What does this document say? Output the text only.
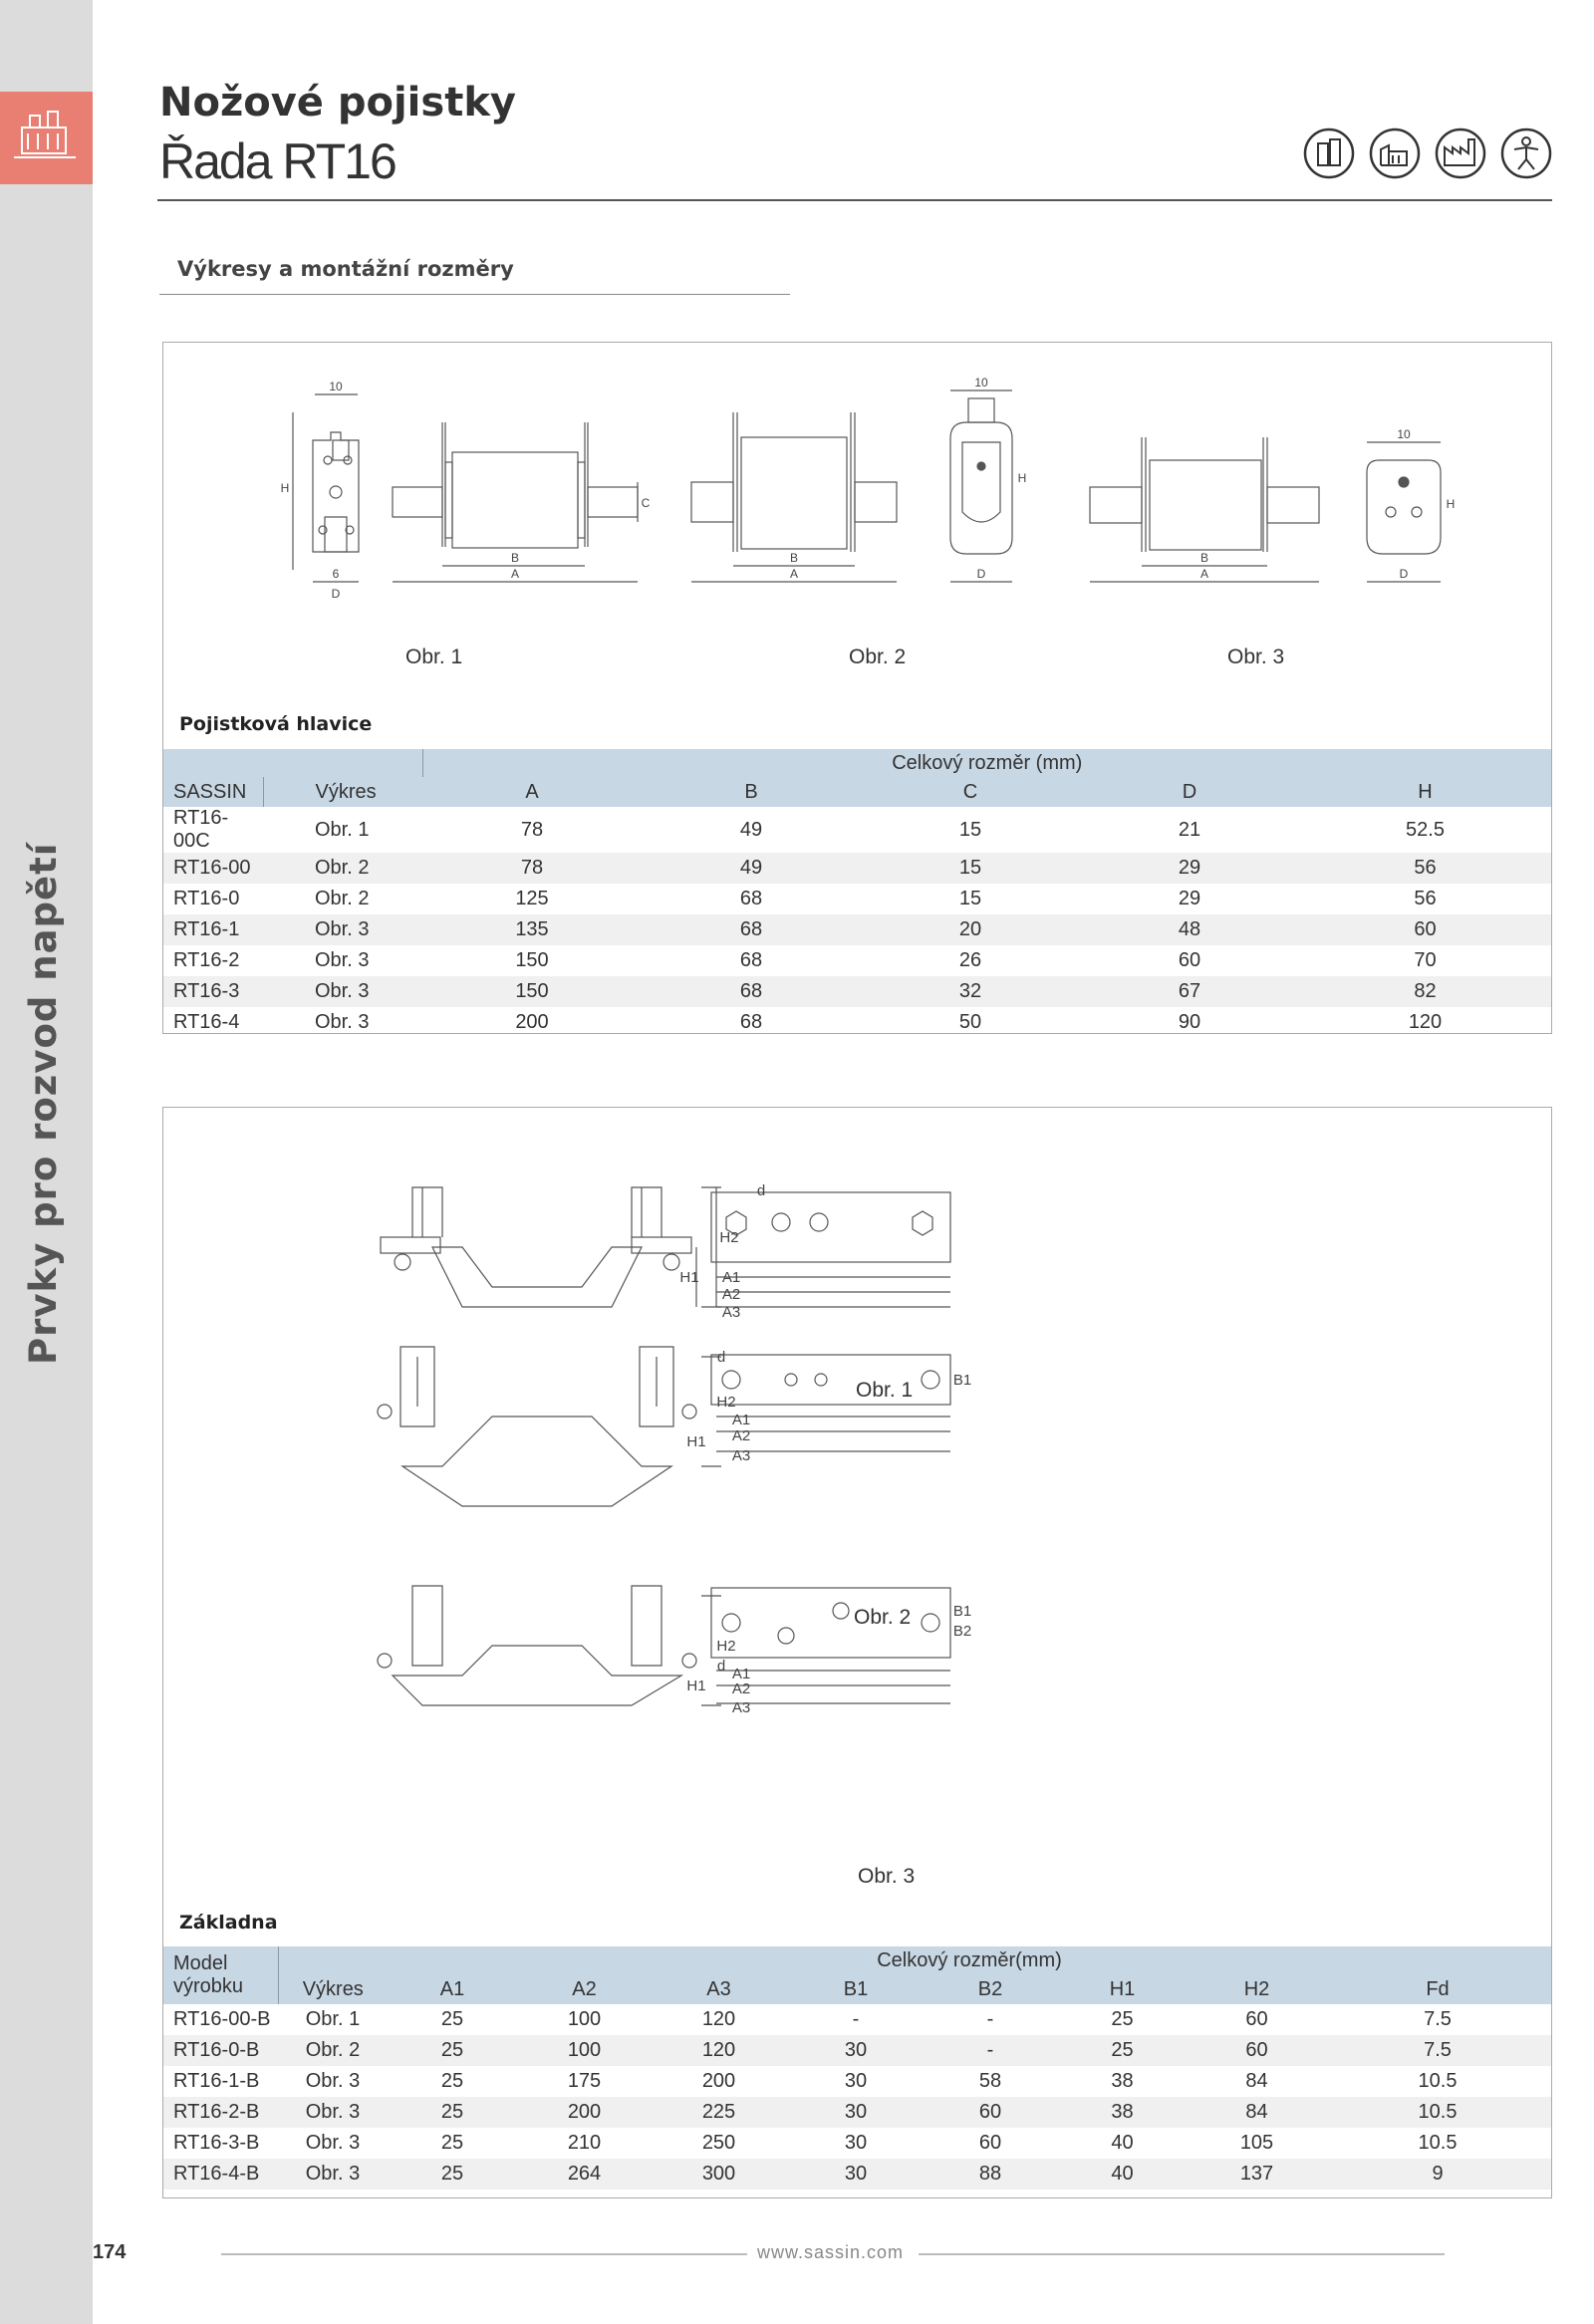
Prvky pro rozvod napětí
Nožové pojistky
Řada RT16
Výkresy a montážní rozměry
10
6
D
B
A
C
H
B
A
10
D
H
B
A
10
D
H
Obr. 1	Obr. 2	Obr. 3
Pojistková hlavice
		Celkový rozměr (mm)				
SASSIN	Výkres	A	B	C	D	H
RT16-00C	Obr. 1	78	49	15	21	52.5
RT16-00	Obr. 2	78	49	15	29	56
RT16-0	Obr. 2	125	68	15	29	56
RT16-1	Obr. 3	135	68	20	48	60
RT16-2	Obr. 3	150	68	26	60	70
RT16-3	Obr. 3	150	68	32	67	82
RT16-4	Obr. 3	200	68	50	90	120
A1
A2
A3
d
H1
H2
A1
A2
A3
d
B1
H1
H2
A1
A2
A3
d
B1
B2
H1
H2
Obr. 1
Obr. 2
Obr. 3
Základna
Model výrobku		Celkový rozměr(mm)							
	Výkres	A1	A2	A3	B1	B2	H1	H2	Fd
RT16-00-B	Obr. 1	25	100	120	-	-	25	60	7.5
RT16-0-B	Obr. 2	25	100	120	30	-	25	60	7.5
RT16-1-B	Obr. 3	25	175	200	30	58	38	84	10.5
RT16-2-B	Obr. 3	25	200	225	30	60	38	84	10.5
RT16-3-B	Obr. 3	25	210	250	30	60	40	105	10.5
RT16-4-B	Obr. 3	25	264	300	30	88	40	137	9
174	www.sassin.com
